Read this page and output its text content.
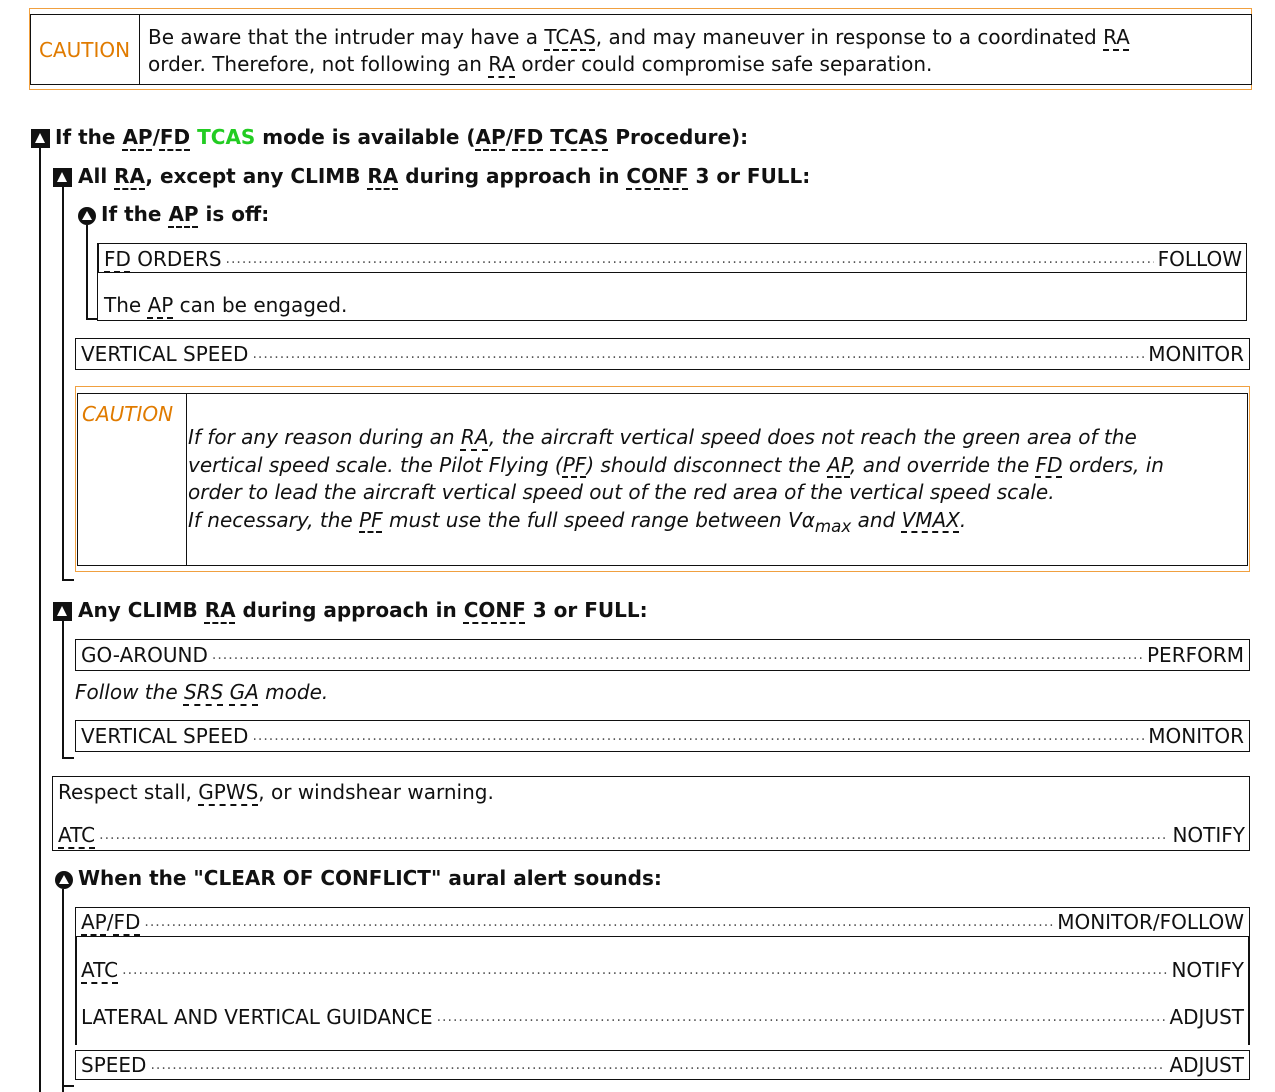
CAUTION
Be aware that the intruder may have a TCAS, and may maneuver in response to a coordinated RA
order. Therefore, not following an RA order could compromise safe separation.
If the AP/FD TCAS mode is available (AP/FD TCAS Procedure):
All RA, except any CLIMB RA during approach in CONF 3 or FULL:
If the AP is off:
FD ORDERS .....	FOLLOW
The AP can be engaged.
VERTICAL SPEED .....	MONITOR
CAUTION
If for any reason during an RA, the aircraft vertical speed does not reach the green area of the
vertical speed scale. the Pilot Flying (PF) should disconnect the AP, and override the FD orders, in
order to lead the aircraft vertical speed out of the red area of the vertical speed scale.
If necessary, the PF must use the full speed range between $V\alpha_{max}$ and VMAX.
Any CLIMB RA during approach in CONF 3 or FULL:
GO-AROUND .....	PERFORM
Follow the SRS GA mode.
VERTICAL SPEED .....	MONITOR
Respect stall, GPWS, or windshear warning.
ATC .....	NOTIFY
When the "CLEAR OF CONFLICT" aural alert sounds:
AP/FD .....	MONITOR/FOLLOW
ATC .....	NOTIFY
LATERAL AND VERTICAL GUIDANCE .....	ADJUST
SPEED .....	ADJUST
